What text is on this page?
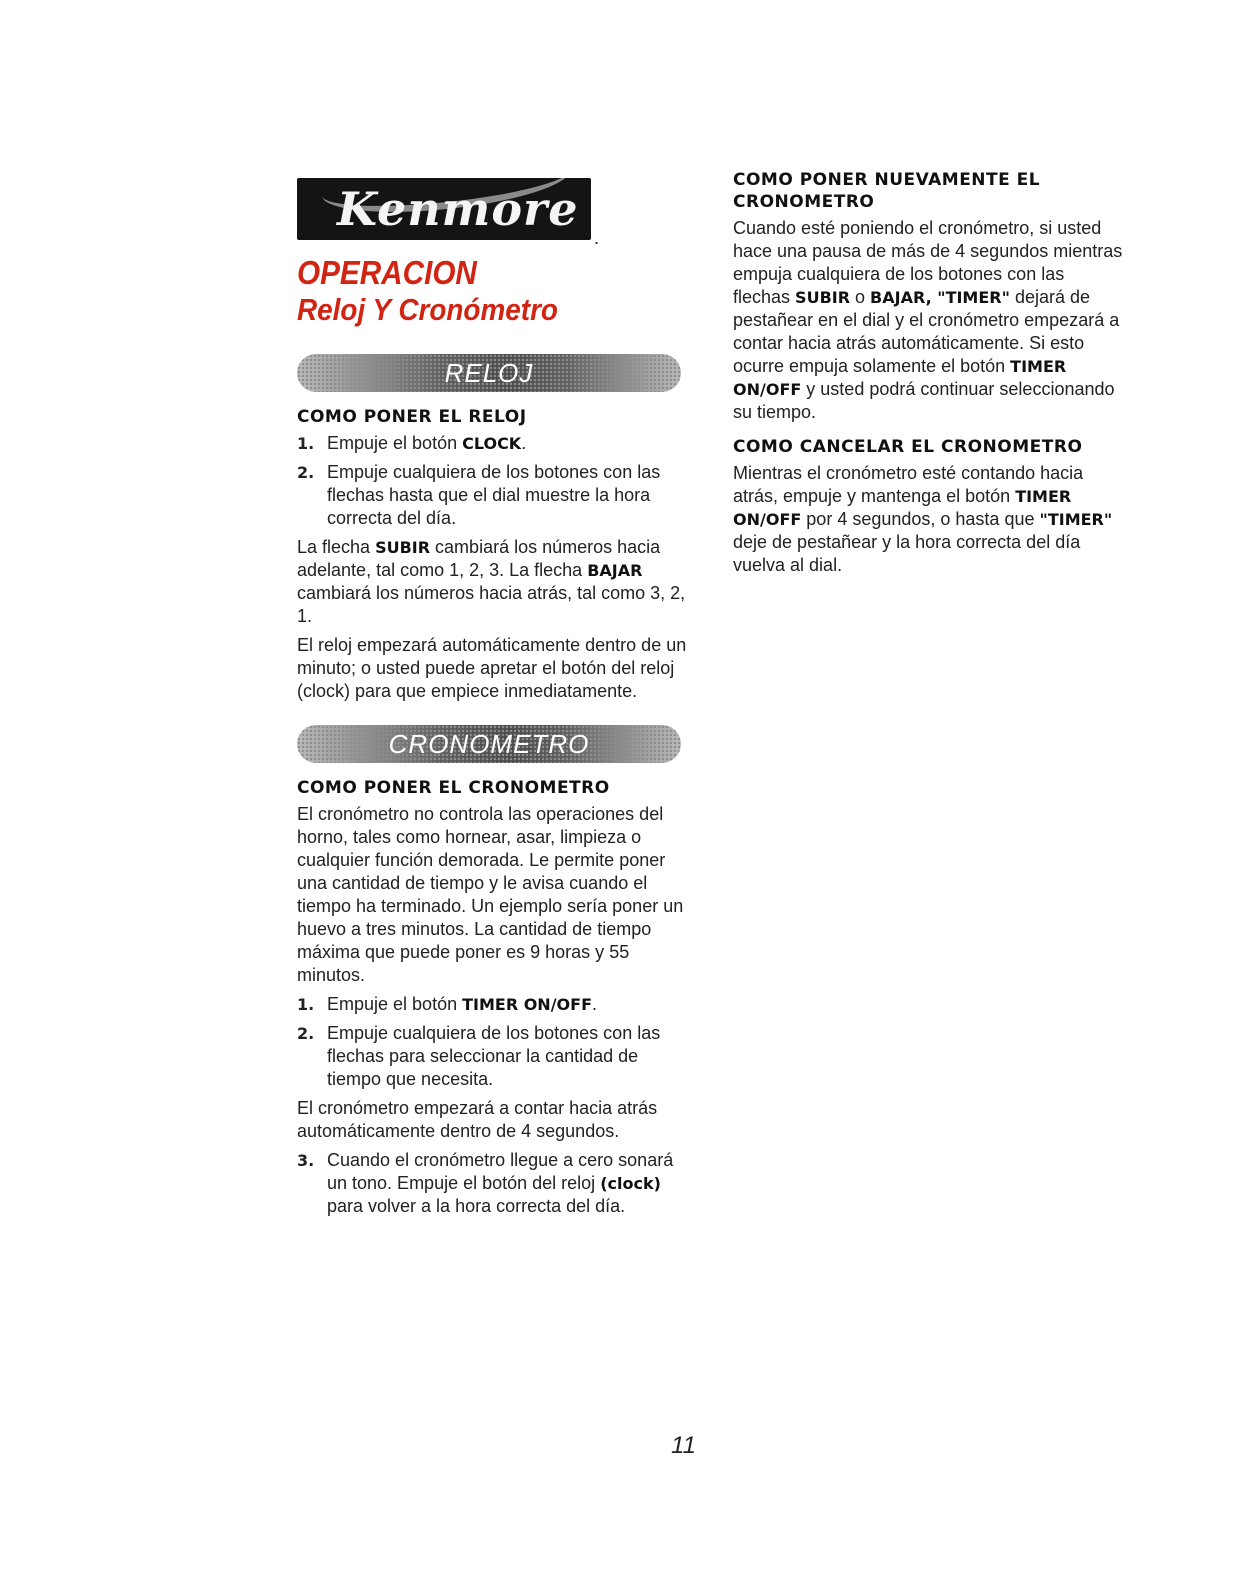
Kenmore
.
OPERACION
Reloj Y Cronómetro
RELOJ
COMO PONER EL RELOJ
1. Empuje el botón CLOCK.
2. Empuje cualquiera de los botones con las flechas hasta que el dial muestre la hora correcta del día.

La flecha SUBIR cambiará los números hacia adelante, tal como 1, 2, 3. La flecha BAJAR cambiará los números hacia atrás, tal como 3, 2, 1.

El reloj empezará automáticamente dentro de un minuto; o usted puede apretar el botón del reloj (clock) para que empiece inmediatamente.

CRONOMETRO
COMO PONER EL CRONOMETRO

El cronómetro no controla las operaciones del horno, tales como hornear, asar, limpieza o cualquier función demorada. Le permite poner una cantidad de tiempo y le avisa cuando el tiempo ha terminado. Un ejemplo sería poner un huevo a tres minutos. La cantidad de tiempo máxima que puede poner es 9 horas y 55 minutos.

1. Empuje el botón TIMER ON/OFF.
2. Empuje cualquiera de los botones con las flechas para seleccionar la cantidad de tiempo que necesita.

El cronómetro empezará a contar hacia atrás automáticamente dentro de 4 segundos.

3. Cuando el cronómetro llegue a cero sonará un tono. Empuje el botón del reloj (clock) para volver a la hora correcta del día.
COMO PONER NUEVAMENTE EL CRONOMETRO

Cuando esté poniendo el cronómetro, si usted hace una pausa de más de 4 segundos mientras empuja cualquiera de los botones con las flechas SUBIR o BAJAR, "TIMER" dejará de pestañear en el dial y el cronómetro empezará a contar hacia atrás automáticamente. Si esto ocurre empuja solamente el botón TIMER ON/OFF y usted podrá continuar seleccionando su tiempo.

COMO CANCELAR EL CRONOMETRO

Mientras el cronómetro esté contando hacia atrás, empuje y mantenga el botón TIMER ON/OFF por 4 segundos, o hasta que "TIMER" deje de pestañear y la hora correcta del día vuelva al dial.

11
